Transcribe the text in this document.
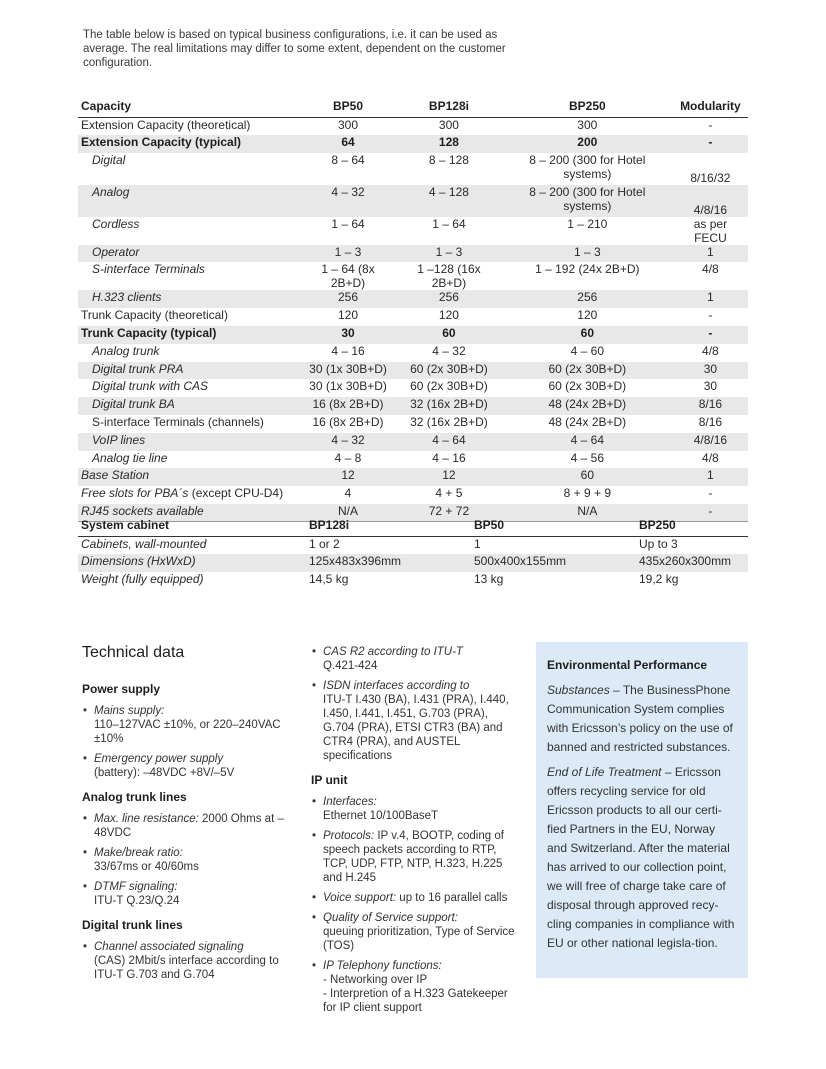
The table below is based on typical business configurations, i.e. it can be used as average. The real limitations may differ to some extent, dependent on the customer configuration.
Capacity	BP50	BP128i	BP250	Modularity
Extension Capacity (theoretical)	300	300	300	-
Extension Capacity (typical)	64	128	200	-
Digital	8 – 64	8 – 128	8 – 200 (300 for Hotel systems)	8/16/32
Analog	4 – 32	4 – 128	8 – 200 (300 for Hotel systems)	4/8/16
Cordless	1 – 64	1 – 64	1 – 210	as per FECU
Operator	1 – 3	1 – 3	1 – 3	1
S-interface Terminals	1 – 64 (8x 2B+D)	1 –128 (16x 2B+D)	1 – 192 (24x 2B+D)	4/8
H.323 clients	256	256	256	1
Trunk Capacity (theoretical)	120	120	120	-
Trunk Capacity (typical)	30	60	60	-
Analog trunk	4 – 16	4 – 32	4 – 60	4/8
Digital trunk PRA	30 (1x 30B+D)	60 (2x 30B+D)	60 (2x 30B+D)	30
Digital trunk with CAS	30 (1x 30B+D)	60 (2x 30B+D)	60 (2x 30B+D)	30
Digital trunk BA	16 (8x 2B+D)	32 (16x 2B+D)	48 (24x 2B+D)	8/16
S-interface Terminals (channels)	16 (8x 2B+D)	32 (16x 2B+D)	48 (24x 2B+D)	8/16
VoIP lines	4 – 32	4 – 64	4 – 64	4/8/16
Analog tie line	4 – 8	4 – 16	4 – 56	4/8
Base Station	12	12	60	1
Free slots for PBA´s (except CPU-D4)	4	4 + 5	8 + 9 + 9	-
RJ45 sockets available	N/A	72 + 72	N/A	-
System cabinet	BP128i	BP50	BP250
Cabinets, wall-mounted	1 or 2	1	Up to 3
Dimensions (HxWxD)	125x483x396mm	500x400x155mm	435x260x300mm
Weight (fully equipped)	14,5 kg	13 kg	19,2 kg
Technical data
Power supply
• Mains supply:
110–127VAC ±10%, or 220–240VAC ±10%
• Emergency power supply
(battery): –48VDC +8V/–5V
Analog trunk lines
• Max. line resistance: 2000 Ohms at –48VDC
• Make/break ratio:
33/67ms or 40/60ms
• DTMF signaling:
ITU-T Q.23/Q.24
Digital trunk lines
• Channel associated signaling
(CAS) 2Mbit/s interface according to ITU-T G.703 and G.704
• CAS R2 according to ITU-T
Q.421-424
• ISDN interfaces according to
ITU-T I.430 (BA), I.431 (PRA), I.440, I.450, I.441, I.451, G.703 (PRA), G.704 (PRA), ETSI CTR3 (BA) and CTR4 (PRA), and AUSTEL specifications
IP unit
• Interfaces:
Ethernet 10/100BaseT
• Protocols: IP v.4, BOOTP, coding of speech packets according to RTP, TCP, UDP, FTP, NTP, H.323, H.225 and H.245
• Voice support: up to 16 parallel calls
• Quality of Service support:
queuing prioritization, Type of Service (TOS)
• IP Telephony functions:
- Networking over IP
- Interpretion of a H.323 Gatekeeper for IP client support
Environmental Performance

Substances – The BusinessPhone Communication System complies with Ericsson’s policy on the use of banned and restricted substances.

End of Life Treatment – Ericsson offers recycling service for old Ericsson products to all our certi-fied Partners in the EU, Norway and Switzerland. After the material has arrived to our collection point, we will free of charge take care of disposal through approved recy-cling companies in compliance with EU or other national legisla-tion.
